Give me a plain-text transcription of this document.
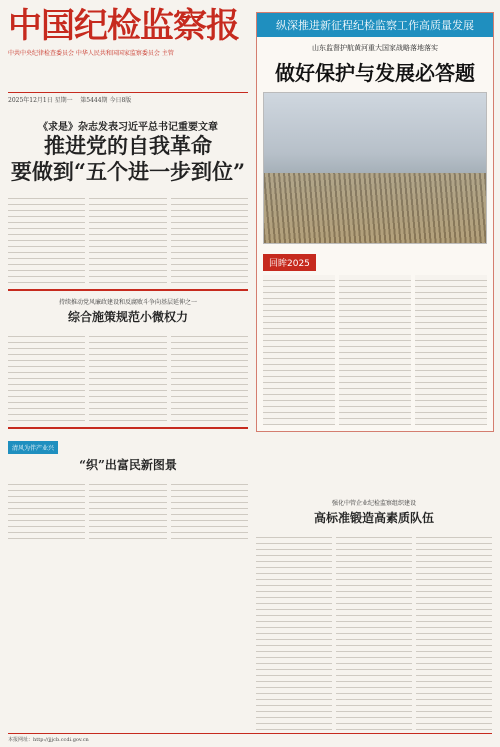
中国纪检监察报
中共中央纪律检查委员会 中华人民共和国国家监察委员会 主管
2025年12月1日 星期一 第5444期 今日8版
《求是》杂志发表习近平总书记重要文章
推进党的自我革命
要做到“五个进一步到位”
持续推动党风廉政建设和反腐败斗争向基层延伸之一
综合施策规范小微权力
清风为伴产业兴
“织”出富民新图景
纵深推进新征程纪检监察工作高质量发展
山东监督护航黄河重大国家战略落地落实
做好保护与发展必答题
回眸2025
强化中管企业纪检监察组织建设
高标准锻造高素质队伍
本报网址：http://jjjcb.ccdi.gov.cn
